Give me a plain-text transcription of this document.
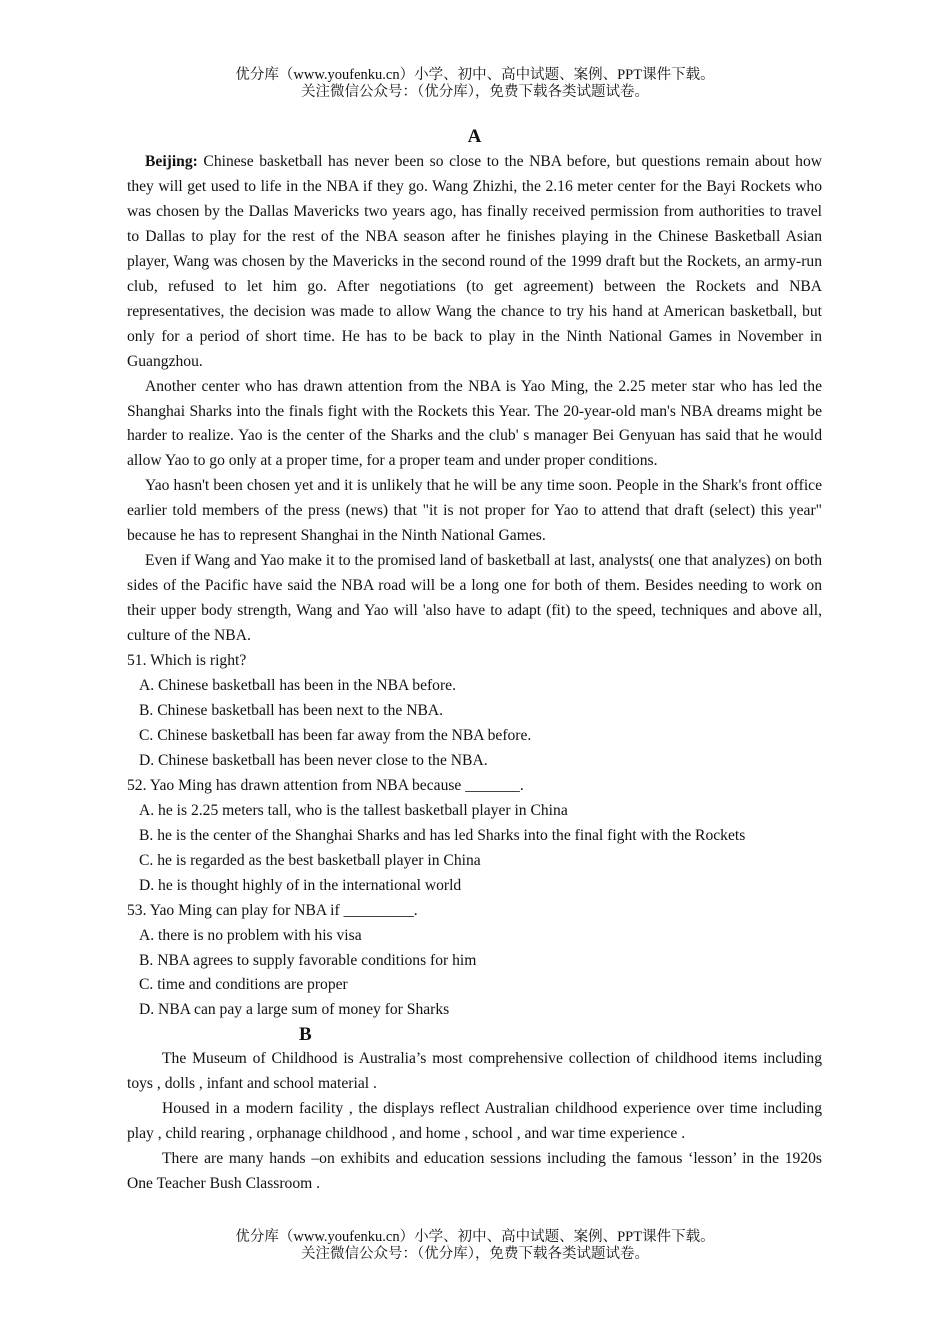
优分库（www.youfenku.cn）小学、初中、高中试题、案例、PPT课件下载。
关注微信公众号：（优分库），免费下载各类试题试卷。
A

Beijing: Chinese basketball has never been so close to the NBA before, but questions remain about how they will get used to life in the NBA if they go. Wang Zhizhi, the 2.16 meter center for the Bayi Rockets who was chosen by the Dallas Mavericks two years ago, has finally received permission from authorities to travel to Dallas to play for the rest of the NBA season after he finishes playing in the Chinese Basketball Asian player, Wang was chosen by the Mavericks in the second round of the 1999 draft but the Rockets, an army-run club, refused to let him go. After negotiations (to get agreement) between the Rockets and NBA representatives, the decision was made to allow Wang the chance to try his hand at American basketball, but only for a period of short time. He has to be back to play in the Ninth National Games in November in Guangzhou.

Another center who has drawn attention from the NBA is Yao Ming, the 2.25 meter star who has led the Shanghai Sharks into the finals fight with the Rockets this Year. The 20-year-old man's NBA dreams might be harder to realize. Yao is the center of the Sharks and the club' s manager Bei Genyuan has said that he would allow Yao to go only at a proper time, for a proper team and under proper conditions.

Yao hasn't been chosen yet and it is unlikely that he will be any time soon. People in the Shark's front office earlier told members of the press (news) that "it is not proper for Yao to attend that draft (select) this year" because he has to represent Shanghai in the Ninth National Games.

Even if Wang and Yao make it to the promised land of basketball at last, analysts( one that analyzes) on both sides of the Pacific have said the NBA road will be a long one for both of them. Besides needing to work on their upper body strength, Wang and Yao will 'also have to adapt (fit) to the speed, techniques and above all, culture of the NBA.

51. Which is right?

A. Chinese basketball has been in the NBA before.

B. Chinese basketball has been next to the NBA.

C. Chinese basketball has been far away from the NBA before.

D. Chinese basketball has been never close to the NBA.

52. Yao Ming has drawn attention from NBA because _______.

A. he is 2.25 meters tall, who is the tallest basketball player in China

B. he is the center of the Shanghai Sharks and has led Sharks into the final fight with the Rockets

C. he is regarded as the best basketball player in China

D. he is thought highly of in the international world

53. Yao Ming can play for NBA if _________.

A. there is no problem with his visa

B. NBA agrees to supply favorable conditions for him

C. time and conditions are proper

D. NBA can pay a large sum of money for Sharks

B

The Museum of Childhood is Australia’s most comprehensive collection of childhood items including toys , dolls , infant and school material .

Housed in a modern facility , the displays reflect Australian childhood experience over time including play , child rearing , orphanage childhood , and home , school , and war time experience .

There are many hands –on exhibits and education sessions including the famous ‘lesson’ in the 1920s One Teacher Bush Classroom .

优分库（www.youfenku.cn）小学、初中、高中试题、案例、PPT课件下载。
关注微信公众号：（优分库），免费下载各类试题试卷。
